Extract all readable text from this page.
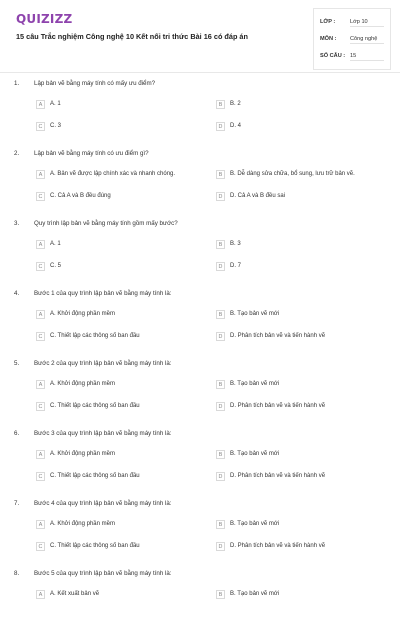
QUIZIZZ
15 câu Trắc nghiệm Công nghệ 10 Kết nối tri thức Bài 16 có đáp án
LỚP :	Lớp 10
MÔN : Công nghệ
SỐ CÂU : 15
1. Lập bản vẽ bằng máy tính có mấy ưu điểm?
A	A. 1	B	B. 2
C	C. 3	D	D. 4
2. Lập bản vẽ bằng máy tính có ưu điểm gì?
A	A. Bản vẽ được lập chính xác và nhanh chóng.	B	B. Dễ dàng sửa chữa, bổ sung, lưu trữ bản vẽ.
C	C. Cả A và B đều đúng	D	D. Cả A và B đều sai
3. Quy trình lập bản vẽ bằng máy tính gồm mấy bước?
A	A. 1	B	B. 3
C	C. 5	D	D. 7
4. Bước 1 của quy trình lập bản vẽ bằng máy tính là:
A	A. Khởi động phần mềm	B	B. Tạo bản vẽ mới
C	C. Thiết lập các thông số ban đầu	D	D. Phân tích bản vẽ và tiến hành vẽ
5. Bước 2 của quy trình lập bản vẽ bằng máy tính là:
A	A. Khởi động phần mềm	B	B. Tạo bản vẽ mới
C	C. Thiết lập các thông số ban đầu	D	D. Phân tích bản vẽ và tiến hành vẽ
6. Bước 3 của quy trình lập bản vẽ bằng máy tính là:
A	A. Khởi động phần mềm	B	B. Tạo bản vẽ mới
C	C. Thiết lập các thông số ban đầu	D	D. Phân tích bản vẽ và tiến hành vẽ
7. Bước 4 của quy trình lập bản vẽ bằng máy tính là:
A	A. Khởi động phần mềm	B	B. Tạo bản vẽ mới
C	C. Thiết lập các thông số ban đầu	D	D. Phân tích bản vẽ và tiến hành vẽ
8. Bước 5 của quy trình lập bản vẽ bằng máy tính là:
A	A. Kết xuất bản vẽ	B	B. Tạo bản vẽ mới
